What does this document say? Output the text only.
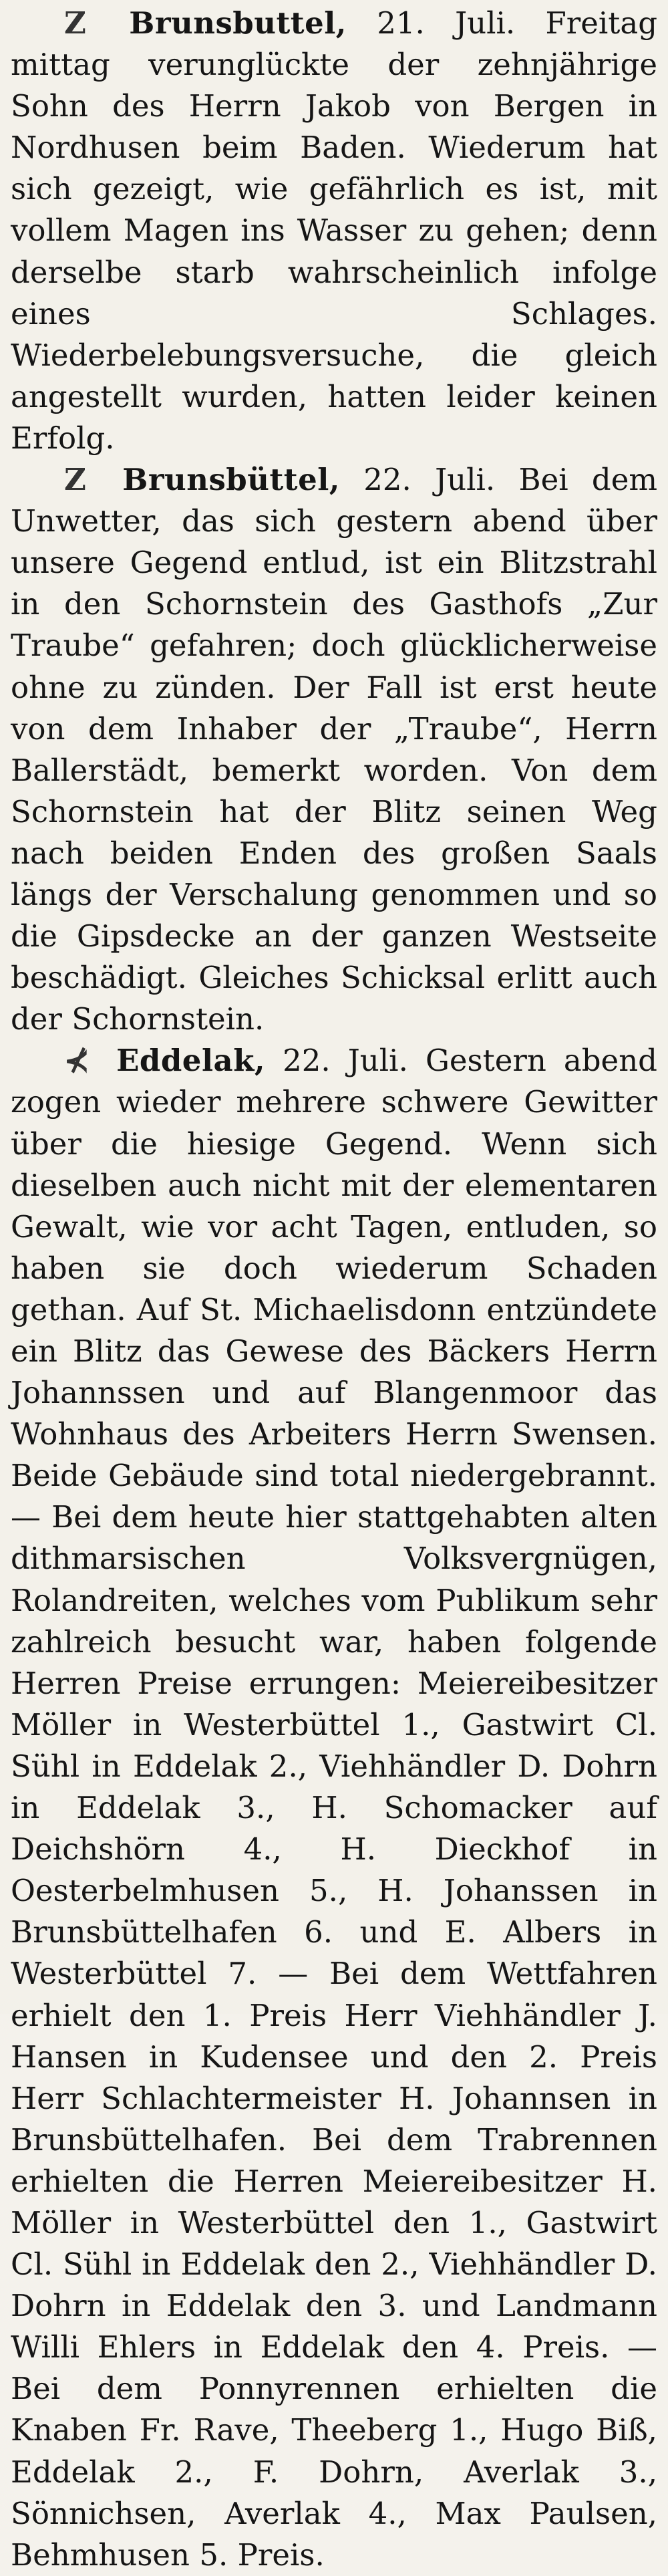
Z Brunsbuttel, 21. Juli. Freitag mittag verunglückte der zehnjährige Sohn des Herrn Jakob von Bergen in Nordhusen beim Baden. Wiederum hat sich gezeigt, wie gefährlich es ist, mit vollem Magen ins Wasser zu gehen; denn derselbe starb wahrscheinlich infolge eines Schlages. Wiederbelebungsversuche, die gleich angestellt wurden, hatten leider keinen Erfolg.

Z Brunsbüttel, 22. Juli. Bei dem Unwetter, das sich gestern abend über unsere Gegend entlud, ist ein Blitzstrahl in den Schornstein des Gasthofs „Zur Traube“ gefahren; doch glücklicherweise ohne zu zünden. Der Fall ist erst heute von dem Inhaber der „Traube“, Herrn Ballerstädt, bemerkt worden. Von dem Schornstein hat der Blitz seinen Weg nach beiden Enden des großen Saals längs der Verschalung genommen und so die Gipsdecke an der ganzen Westseite beschädigt. Gleiches Schicksal erlitt auch der Schornstein.

⊀ Eddelak, 22. Juli. Gestern abend zogen wieder mehrere schwere Gewitter über die hiesige Gegend. Wenn sich dieselben auch nicht mit der elementaren Gewalt, wie vor acht Tagen, entluden, so haben sie doch wiederum Schaden gethan. Auf St. Michaelisdonn entzündete ein Blitz das Gewese des Bäckers Herrn Johannssen und auf Blangenmoor das Wohnhaus des Arbeiters Herrn Swensen. Beide Gebäude sind total niedergebrannt. — Bei dem heute hier stattgehabten alten dithmarsischen Volksvergnügen, Rolandreiten, welches vom Publikum sehr zahlreich besucht war, haben folgende Herren Preise errungen: Meiereibesitzer Möller in Westerbüttel 1., Gastwirt Cl. Sühl in Eddelak 2., Viehhändler D. Dohrn in Eddelak 3., H. Schomacker auf Deichshörn 4., H. Dieckhof in Oesterbelmhusen 5., H. Johanssen in Brunsbüttelhafen 6. und E. Albers in Westerbüttel 7. — Bei dem Wettfahren erhielt den 1. Preis Herr Viehhändler J. Hansen in Kudensee und den 2. Preis Herr Schlachtermeister H. Johannsen in Brunsbüttelhafen. Bei dem Trabrennen erhielten die Herren Meiereibesitzer H. Möller in Westerbüttel den 1., Gastwirt Cl. Sühl in Eddelak den 2., Viehhändler D. Dohrn in Eddelak den 3. und Landmann Willi Ehlers in Eddelak den 4. Preis. — Bei dem Ponnyrennen erhielten die Knaben Fr. Rave, Theeberg 1., Hugo Biß, Eddelak 2., F. Dohrn, Averlak 3., Sönnichsen, Averlak 4., Max Paulsen, Behmhusen 5. Preis.
